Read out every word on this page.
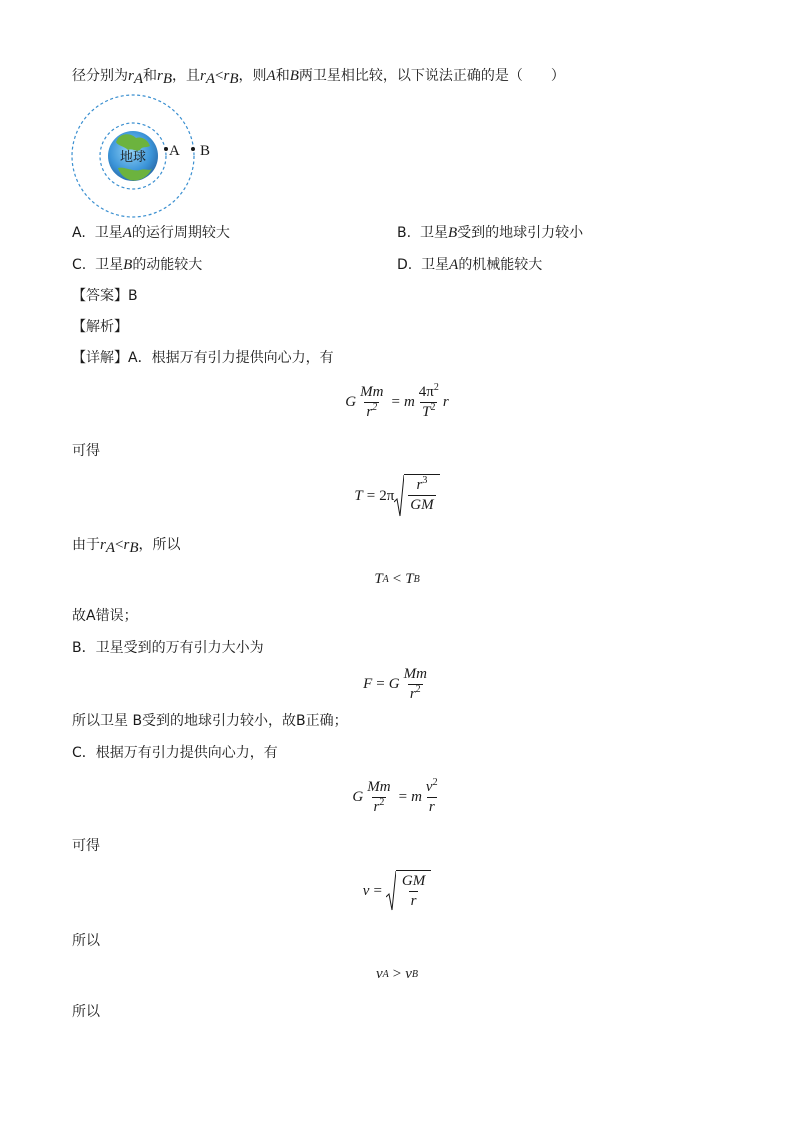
径分别为$r_A$和$r_B$，且$r_A<r_B$，则A和B两卫星相比较，以下说法正确的是（　　）
地球 A B
A. 卫星A的运行周期较大	B. 卫星B受到的地球引力较小
C. 卫星B的动能较大	D. 卫星A的机械能较大
【答案】B
【解析】
【详解】A．根据万有引力提供向心力，有
G $\frac{Mm}{r^2} = m \frac{4\pi^2}{T^2}$ r
可得
$T = 2\pi \frac{r^3}{GM}$
由于$r_A<r_B$，所以
T A < T B
故A错误；
B．卫星受到的万有引力大小为
F = G $\frac{Mm}{r^2}$
所以卫星 B受到的地球引力较小，故B正确；
C．根据万有引力提供向心力，有
G $\frac{Mm}{r^2} = m \frac{v^2}{r}$
可得
$v = \frac{GM}{r}$
所以
v A > v B
所以
